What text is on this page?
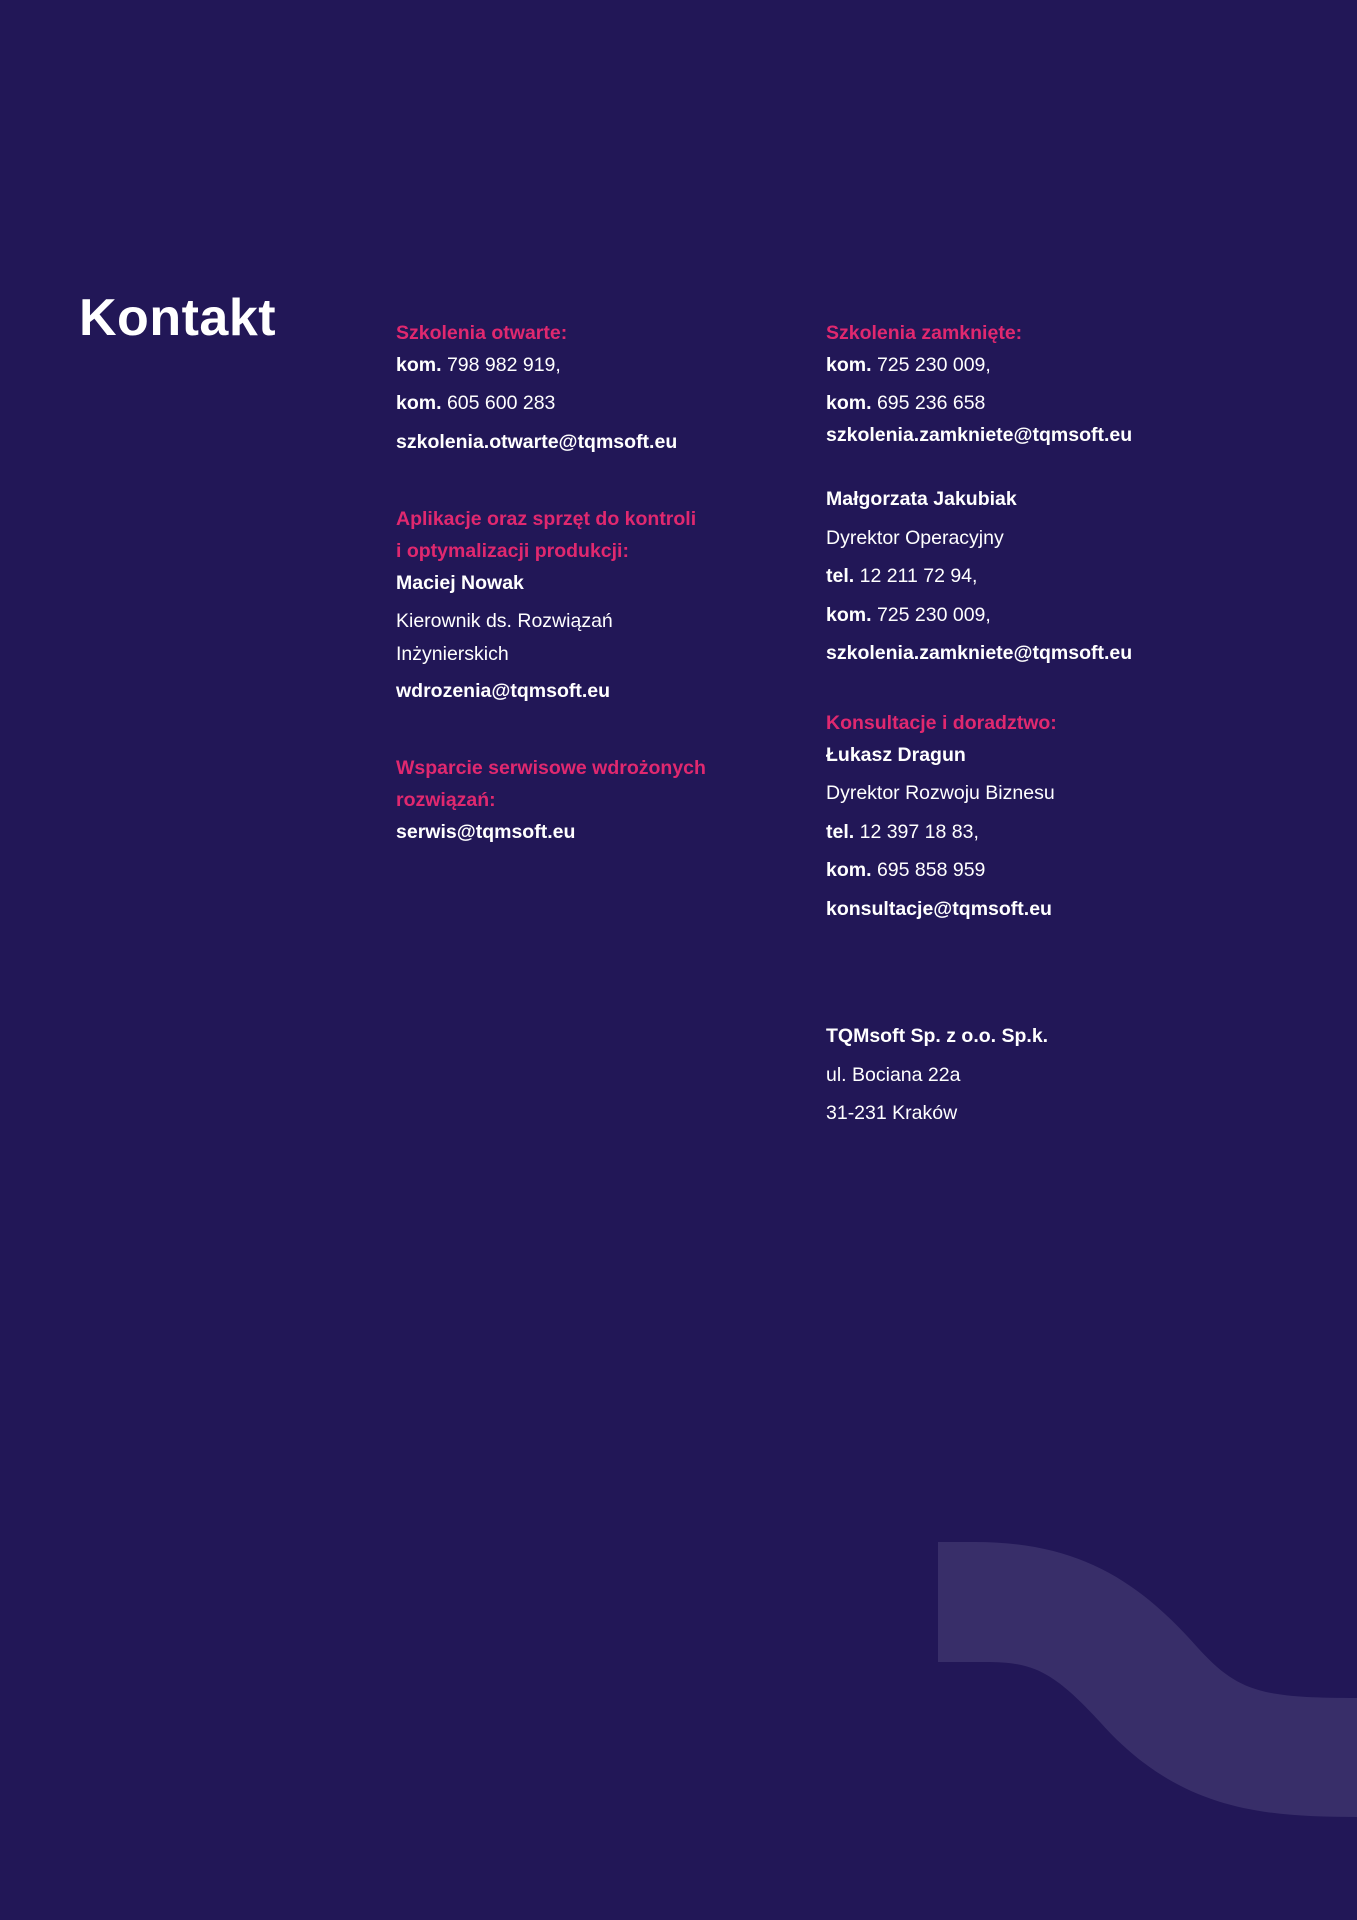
Kontakt	Szkolenia otwarte:
kom. 798 982 919,
kom. 605 600 283
szkolenia.otwarte@tqmsoft.eu
Aplikacje oraz sprzęt do kontroli
i optymalizacji produkcji:
Maciej Nowak
Kierownik ds. Rozwiązań
Inżynierskich
wdrozenia@tqmsoft.eu
Wsparcie serwisowe wdrożonych
rozwiązań:
serwis@tqmsoft.eu
Szkolenia zamknięte:
kom. 725 230 009,
kom. 695 236 658
szkolenia.zamkniete@tqmsoft.eu
Małgorzata Jakubiak
Dyrektor Operacyjny
tel. 12 211 72 94,
kom. 725 230 009,
szkolenia.zamkniete@tqmsoft.eu
Konsultacje i doradztwo:
Łukasz Dragun
Dyrektor Rozwoju Biznesu
tel. 12 397 18 83,
kom. 695 858 959
konsultacje@tqmsoft.eu
TQMsoft Sp. z o.o. Sp.k.
ul. Bociana 22a
31-231 Kraków
